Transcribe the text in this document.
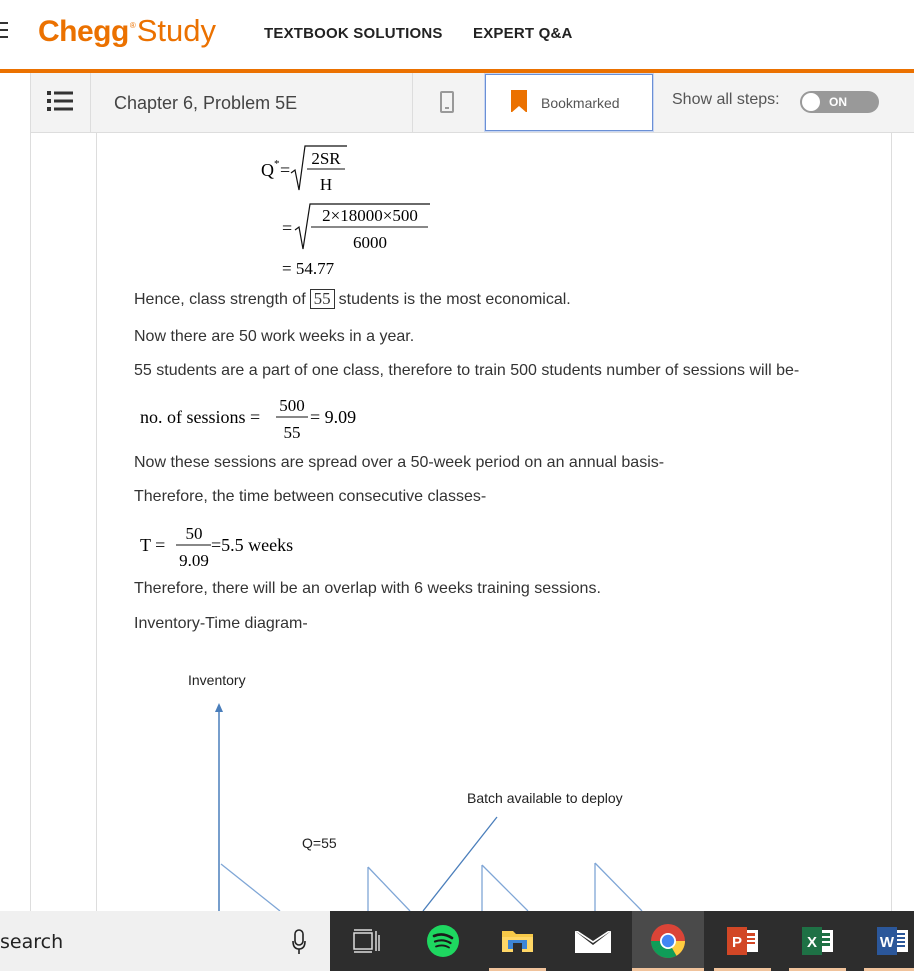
Chegg®Study	TEXTBOOK SOLUTIONS EXPERT Q&A
Chapter 6, Problem 5E	Bookmarked	Show all steps:	ON
Q * =
2SR
H
=
2×18000×500
6000
= 54.77
Hence, class strength of 55 students is the most economical.
Now there are 50 work weeks in a year.
55 students are a part of one class, therefore to train 500 students number of sessions will be-
no. of sessions =
500
55
= 9.09
Now these sessions are spread over a 50-week period on an annual basis-
Therefore, the time between consecutive classes-
T =
50
9.09
=5.5 weeks
Therefore, there will be an overlap with 6 weeks training sessions.
Inventory-Time diagram-
Inventory
Q=55
Batch available to deploy
search	P	X	W
